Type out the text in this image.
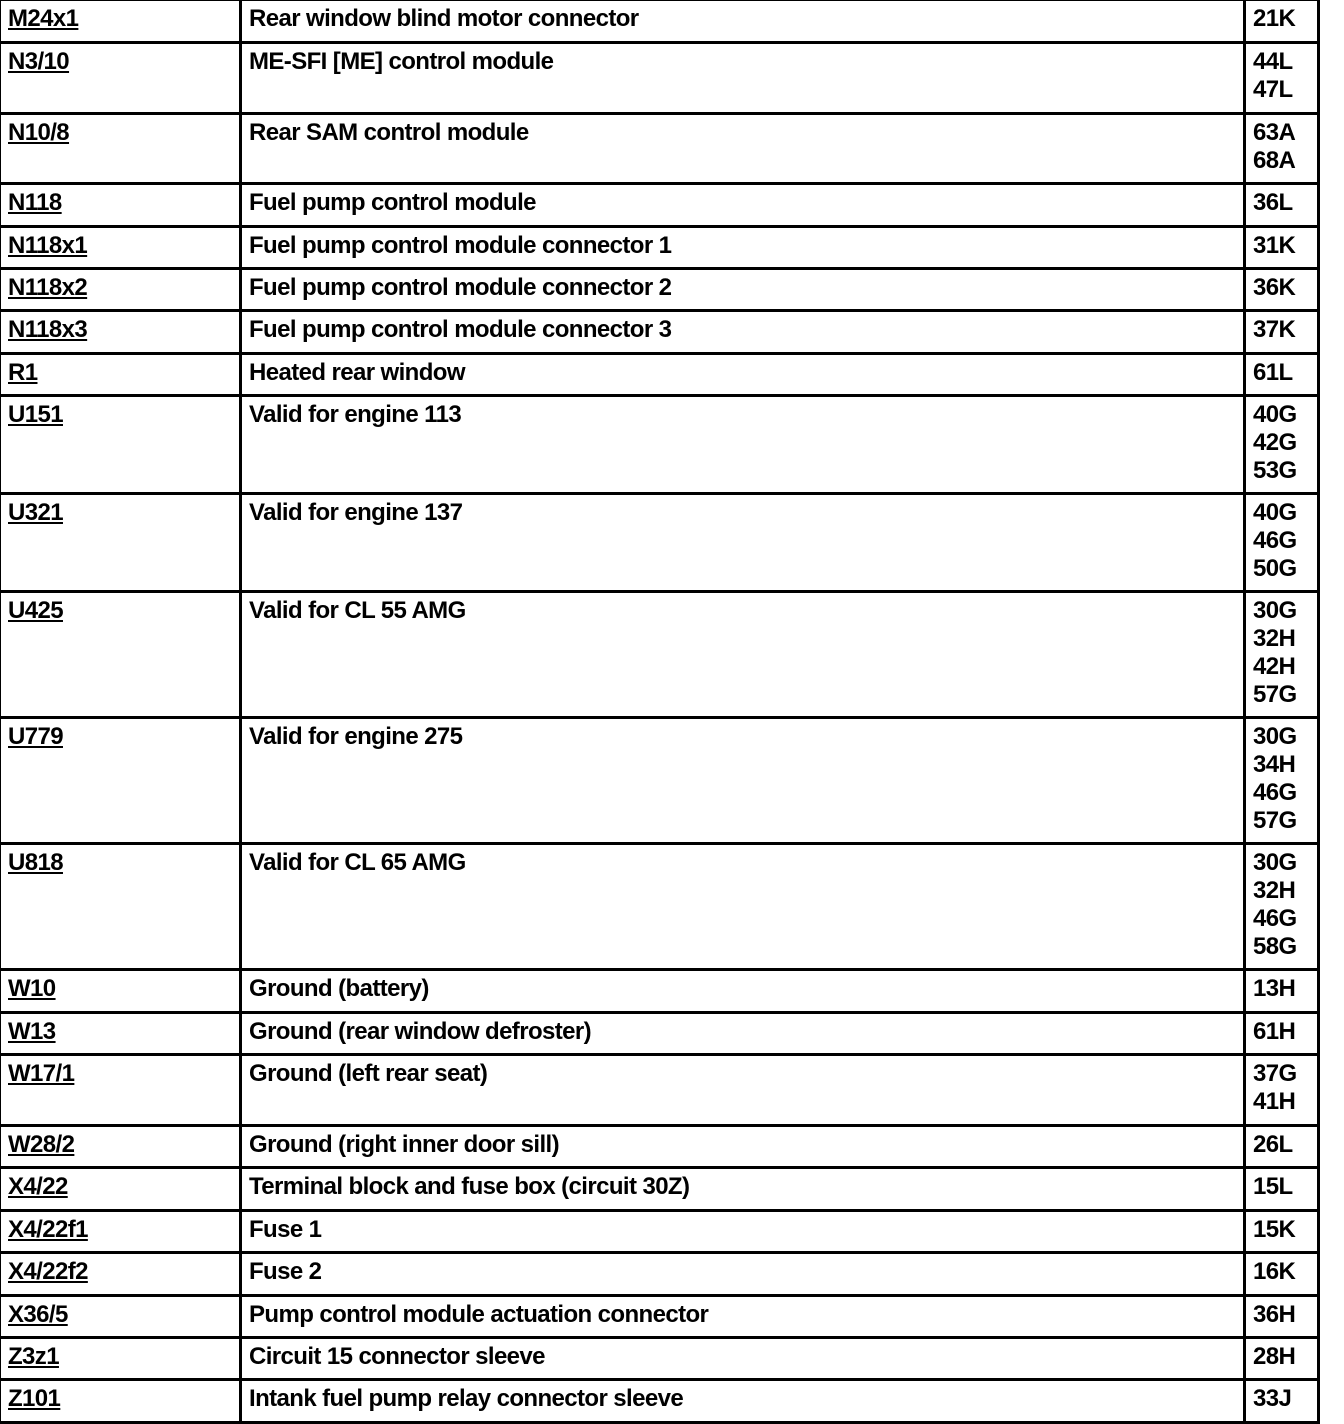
M24x1	Rear window blind motor connector	21K

N3/10	ME-SFI [ME] control module	44L
47L

N10/8	Rear SAM control module	63A
68A

N118	Fuel pump control module	36L

N118x1	Fuel pump control module connector 1	31K

N118x2	Fuel pump control module connector 2	36K

N118x3	Fuel pump control module connector 3	37K

R1	Heated rear window	61L

U151	Valid for engine 113	40G
42G
53G

U321	Valid for engine 137	40G
46G
50G

U425	Valid for CL 55 AMG	30G
32H
42H
57G

U779	Valid for engine 275	30G
34H
46G
57G

U818	Valid for CL 65 AMG	30G
32H
46G
58G

W10	Ground (battery)	13H

W13	Ground (rear window defroster)	61H

W17/1	Ground (left rear seat)	37G
41H

W28/2	Ground (right inner door sill)	26L

X4/22	Terminal block and fuse box (circuit 30Z)	15L

X4/22f1	Fuse 1	15K

X4/22f2	Fuse 2	16K

X36/5	Pump control module actuation connector	36H

Z3z1	Circuit 15 connector sleeve	28H

Z101	Intank fuel pump relay connector sleeve	33J
